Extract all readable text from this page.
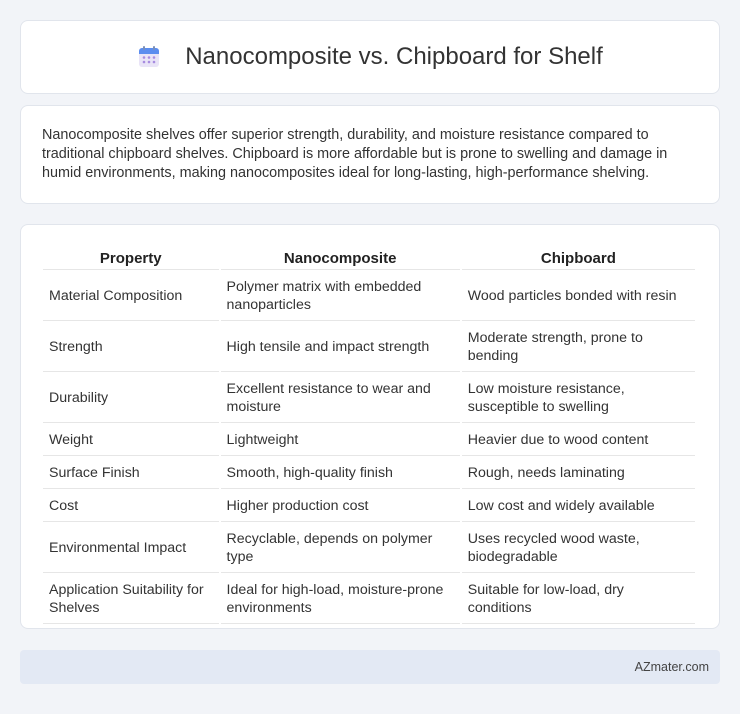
Nanocomposite vs. Chipboard for Shelf

Nanocomposite shelves offer superior strength, durability, and moisture resistance compared to traditional chipboard shelves. Chipboard is more affordable but is prone to swelling and damage in humid environments, making nanocomposites ideal for long-lasting, high-performance shelving.

Property	Nanocomposite	Chipboard
Material Composition	Polymer matrix with embedded nanoparticles	Wood particles bonded with resin
Strength	High tensile and impact strength	Moderate strength, prone to bending
Durability	Excellent resistance to wear and moisture	Low moisture resistance, susceptible to swelling
Weight	Lightweight	Heavier due to wood content
Surface Finish	Smooth, high-quality finish	Rough, needs laminating
Cost	Higher production cost	Low cost and widely available
Environmental Impact	Recyclable, depends on polymer type	Uses recycled wood waste, biodegradable
Application Suitability for Shelves	Ideal for high-load, moisture-prone environments	Suitable for low-load, dry conditions
AZmater.com
